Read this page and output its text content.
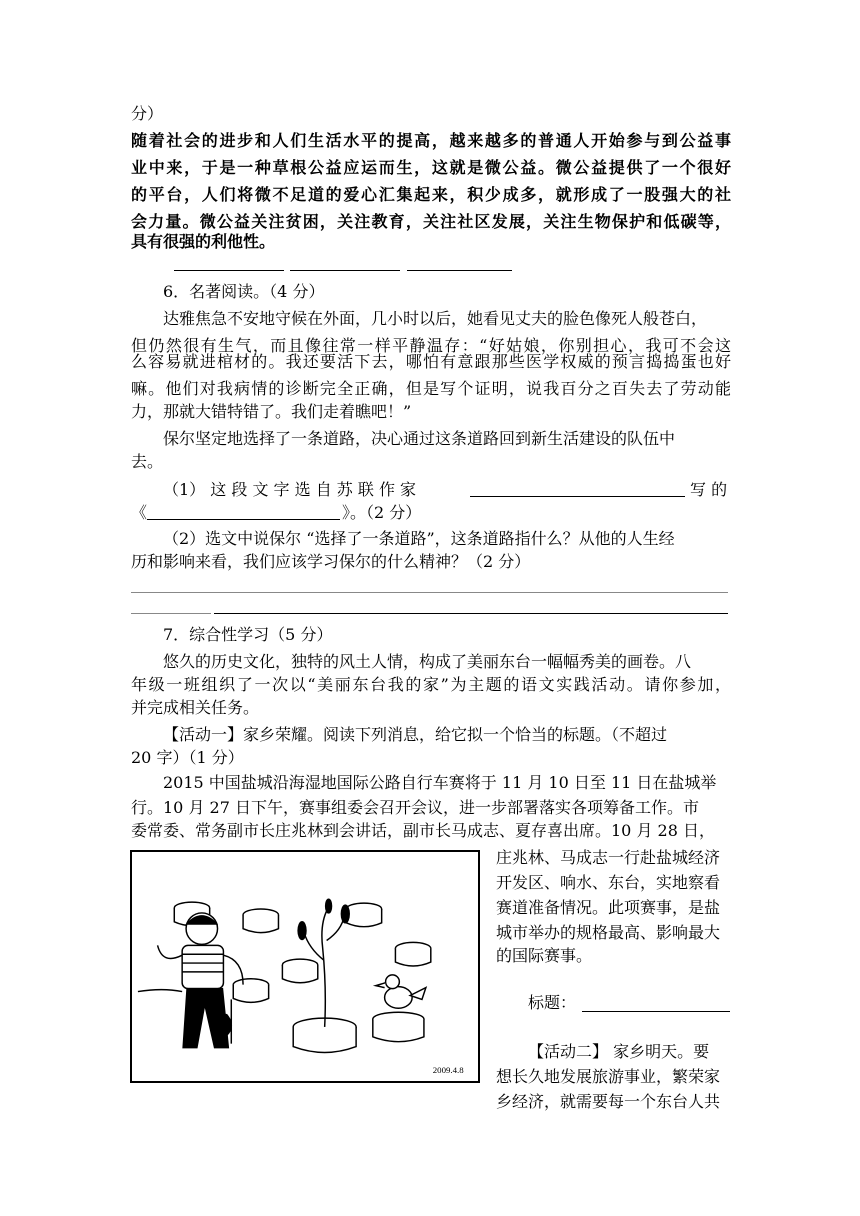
分）
随着社会的进步和人们生活水平的提高，越来越多的普通人开始参与到公益事
业中来，于是一种草根公益应运而生，这就是微公益。微公益提供了一个很好
的平台，人们将微不足道的爱心汇集起来，积少成多，就形成了一股强大的社
会力量。微公益关注贫困，关注教育，关注社区发展，关注生物保护和低碳等，
具有很强的利他性。
6．名著阅读。（4 分）
达雅焦急不安地守候在外面，几小时以后，她看见丈夫的脸色像死人般苍白，
但仍然很有生气，而且像往常一样平静温存：“好姑娘，你别担心，我可不会这
么容易就进棺材的。我还要活下去，哪怕有意跟那些医学权威的预言捣捣蛋也好
嘛。他们对我病情的诊断完全正确，但是写个证明，说我百分之百失去了劳动能
力，那就大错特错了。我们走着瞧吧！”
保尔坚定地选择了一条道路，决心通过这条道路回到新生活建设的队伍中
去。
（1） 这 段 文 字 选 自 苏 联 作 家	写 的
《	》。（2 分）
（2）选文中说保尔 “选择了一条道路”，这条道路指什么？从他的人生经
历和影响来看，我们应该学习保尔的什么精神？（2 分）
7．综合性学习（5 分）
悠久的历史文化，独特的风土人情，构成了美丽东台一幅幅秀美的画卷。八
年级一班组织了一次以“美丽东台我的家”为主题的语文实践活动。请你参加，
并完成相关任务。
【活动一】家乡荣耀。阅读下列消息，给它拟一个恰当的标题。（不超过
20 字）（1 分）
2015 中国盐城沿海湿地国际公路自行车赛将于 11 月 10 日至 11 日在盐城举
行。10 月 27 日下午，赛事组委会召开会议，进一步部署落实各项筹备工作。市
委常委、常务副市长庄兆林到会讲话，副市长马成志、夏存喜出席。10 月 28 日，
2009.4.8
庄兆林、马成志一行赴盐城经济
开发区、响水、东台，实地察看
赛道准备情况。此项赛事，是盐
城市举办的规格最高、影响最大
的国际赛事。
标题：
【活动二】 家乡明天。要
想长久地发展旅游事业，繁荣家
乡经济，就需要每一个东台人共
